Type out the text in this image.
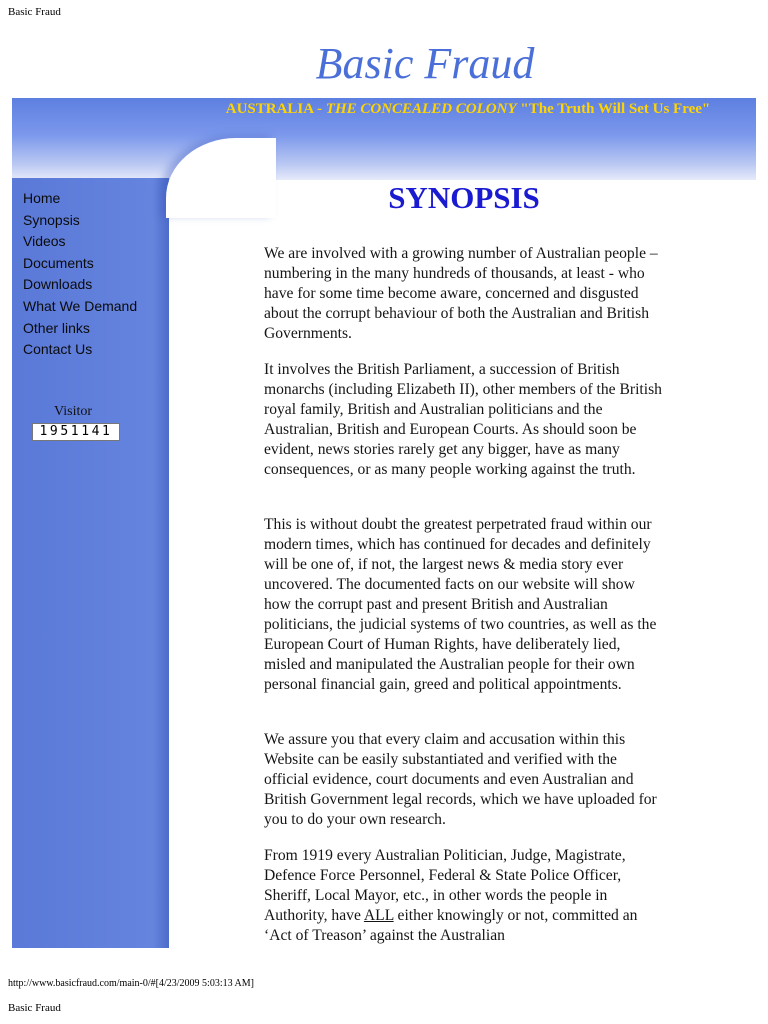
Basic Fraud
Basic Fraud
AUSTRALIA - THE CONCEALED COLONY "The Truth Will Set Us Free"
Home
Synopsis
Videos
Documents
Downloads
What We Demand
Other links
Contact Us
Visitor
1951141
SYNOPSIS

We are involved with a growing number of Australian people – numbering in the many hundreds of thousands, at least - who have for some time become aware, concerned and disgusted about the corrupt behaviour of both the Australian and British Governments.

It involves the British Parliament, a succession of British monarchs (including Elizabeth II), other members of the British royal family, British and Australian politicians and the Australian, British and European Courts. As should soon be evident, news stories rarely get any bigger, have as many consequences, or as many people working against the truth.

This is without doubt the greatest perpetrated fraud within our modern times, which has continued for decades and definitely will be one of, if not, the largest news & media story ever uncovered. The documented facts on our website will show how the corrupt past and present British and Australian politicians, the judicial systems of two countries, as well as the European Court of Human Rights, have deliberately lied, misled and manipulated the Australian people for their own personal financial gain, greed and political appointments.

We assure you that every claim and accusation within this Website can be easily substantiated and verified with the official evidence, court documents and even Australian and British Government legal records, which we have uploaded for you to do your own research.

From 1919 every Australian Politician, Judge, Magistrate, Defence Force Personnel, Federal & State Police Officer, Sheriff, Local Mayor, etc., in other words the people in Authority, have ALL either knowingly or not, committed an ‘Act of Treason’ against the Australian

http://www.basicfraud.com/main-0/#[4/23/2009 5:03:13 AM]
Basic Fraud
